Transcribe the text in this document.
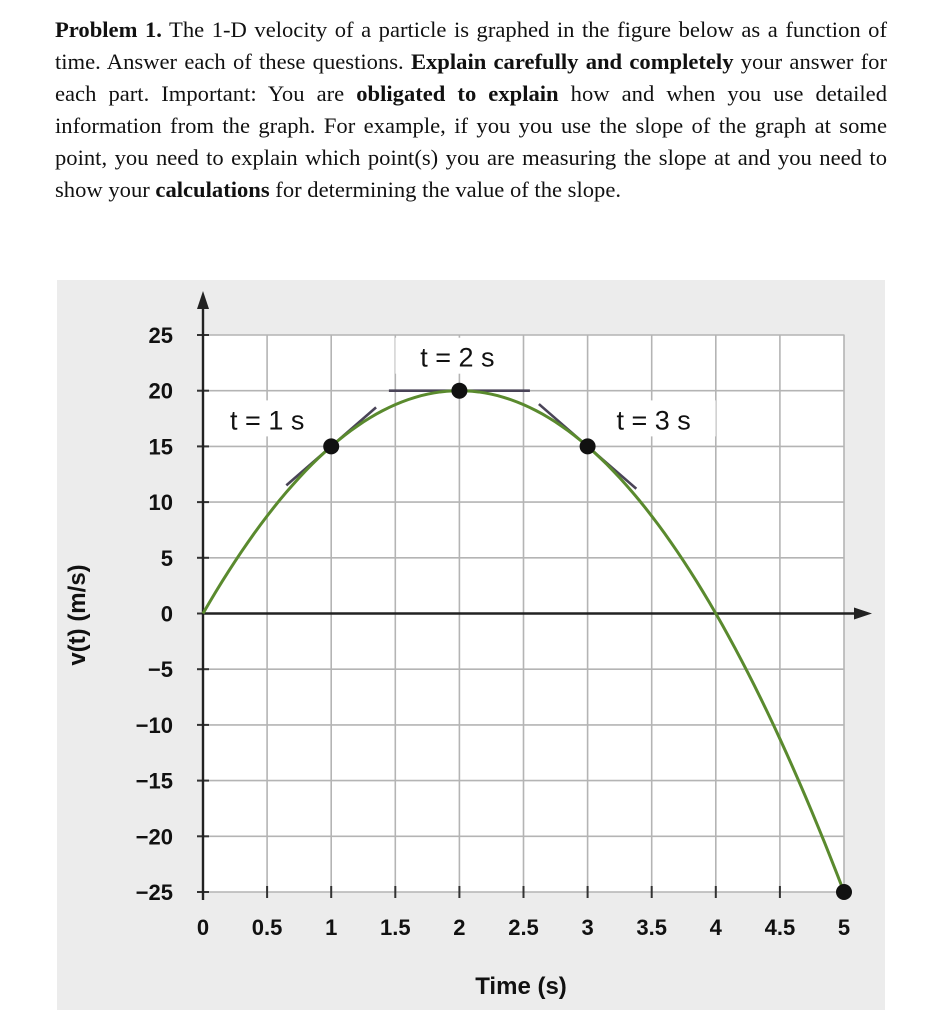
Problem 1. The 1-D velocity of a particle is graphed in the figure below as a function of time. Answer each of these questions. Explain carefully and completely your answer for each part. Important: You are obligated to explain how and when you use detailed information from the graph. For example, if you you use the slope of the graph at some point, you need to explain which point(s) you are measuring the slope at and you need to show your calculations for determining the value of the slope.
0 0.5 1 1.5 2 2.5 3 3.5 4 4.5 5
25
20
15
10
5
0
−5
−10
−15
−20
−25
t = 1 s
t = 2 s
t = 3 s
Time (s)
v(t) (m/s)
